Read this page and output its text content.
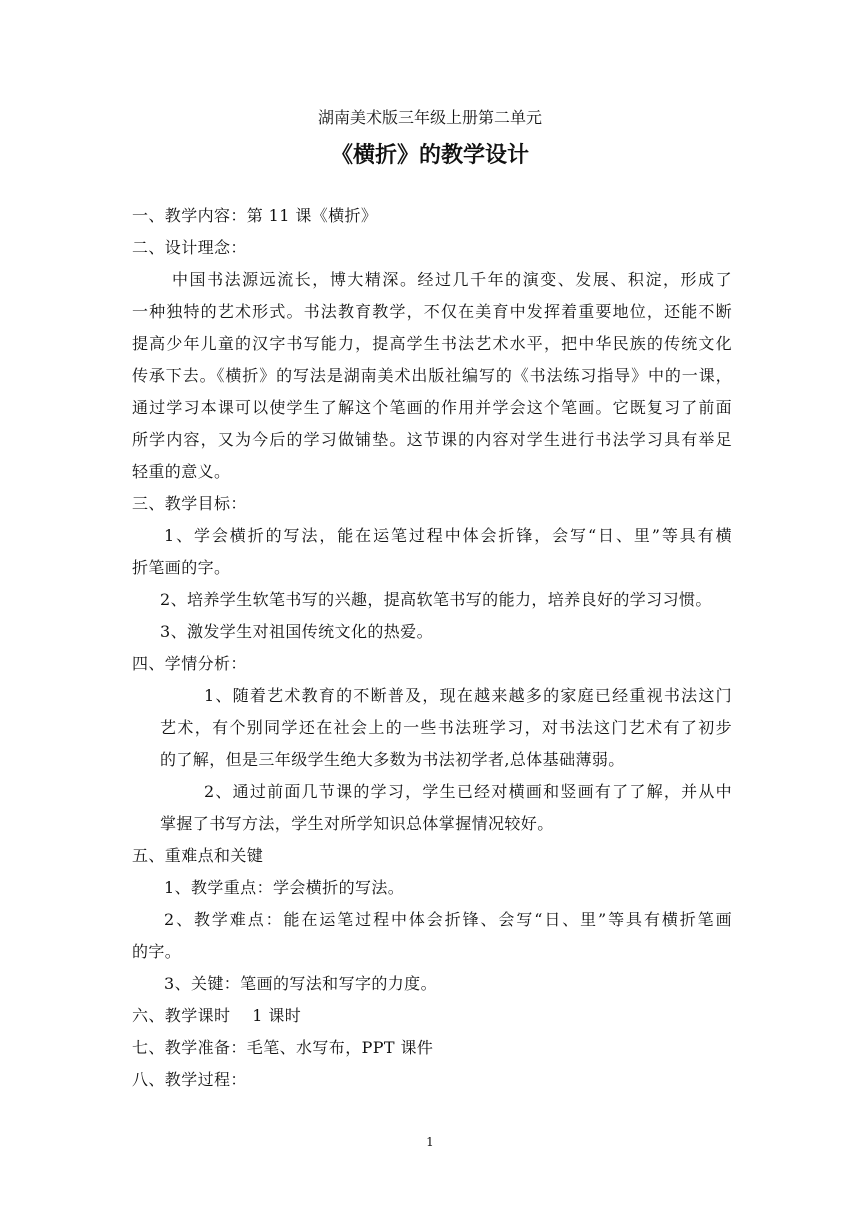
湖南美术版三年级上册第二单元
《横折》的教学设计
一、教学内容：第 11 课《横折》
二、设计理念：
中国书法源远流长，博大精深。经过几千年的演变、发展、积淀，形成了
一种独特的艺术形式。书法教育教学，不仅在美育中发挥着重要地位，还能不断
提高少年儿童的汉字书写能力，提高学生书法艺术水平，把中华民族的传统文化
传承下去。《横折》的写法是湖南美术出版社编写的《书法练习指导》中的一课，
通过学习本课可以使学生了解这个笔画的作用并学会这个笔画。它既复习了前面
所学内容，又为今后的学习做铺垫。这节课的内容对学生进行书法学习具有举足
轻重的意义。
三、教学目标：
1、学会横折的写法，能在运笔过程中体会折锋，会写“日、里”等具有横
折笔画的字。
2、培养学生软笔书写的兴趣，提高软笔书写的能力，培养良好的学习习惯。
3、激发学生对祖国传统文化的热爱。
四、学情分析：
1、随着艺术教育的不断普及，现在越来越多的家庭已经重视书法这门
艺术，有个别同学还在社会上的一些书法班学习，对书法这门艺术有了初步
的了解，但是三年级学生绝大多数为书法初学者,总体基础薄弱。
2、通过前面几节课的学习，学生已经对横画和竖画有了了解，并从中
掌握了书写方法，学生对所学知识总体掌握情况较好。
五、重难点和关键
1、教学重点：学会横折的写法。
2、教学难点：能在运笔过程中体会折锋、会写“日、里”等具有横折笔画
的字。
3、关键：笔画的写法和写字的力度。
六、教学课时　 1 课时
七、教学准备：毛笔、水写布，PPT 课件
八、教学过程：
1
